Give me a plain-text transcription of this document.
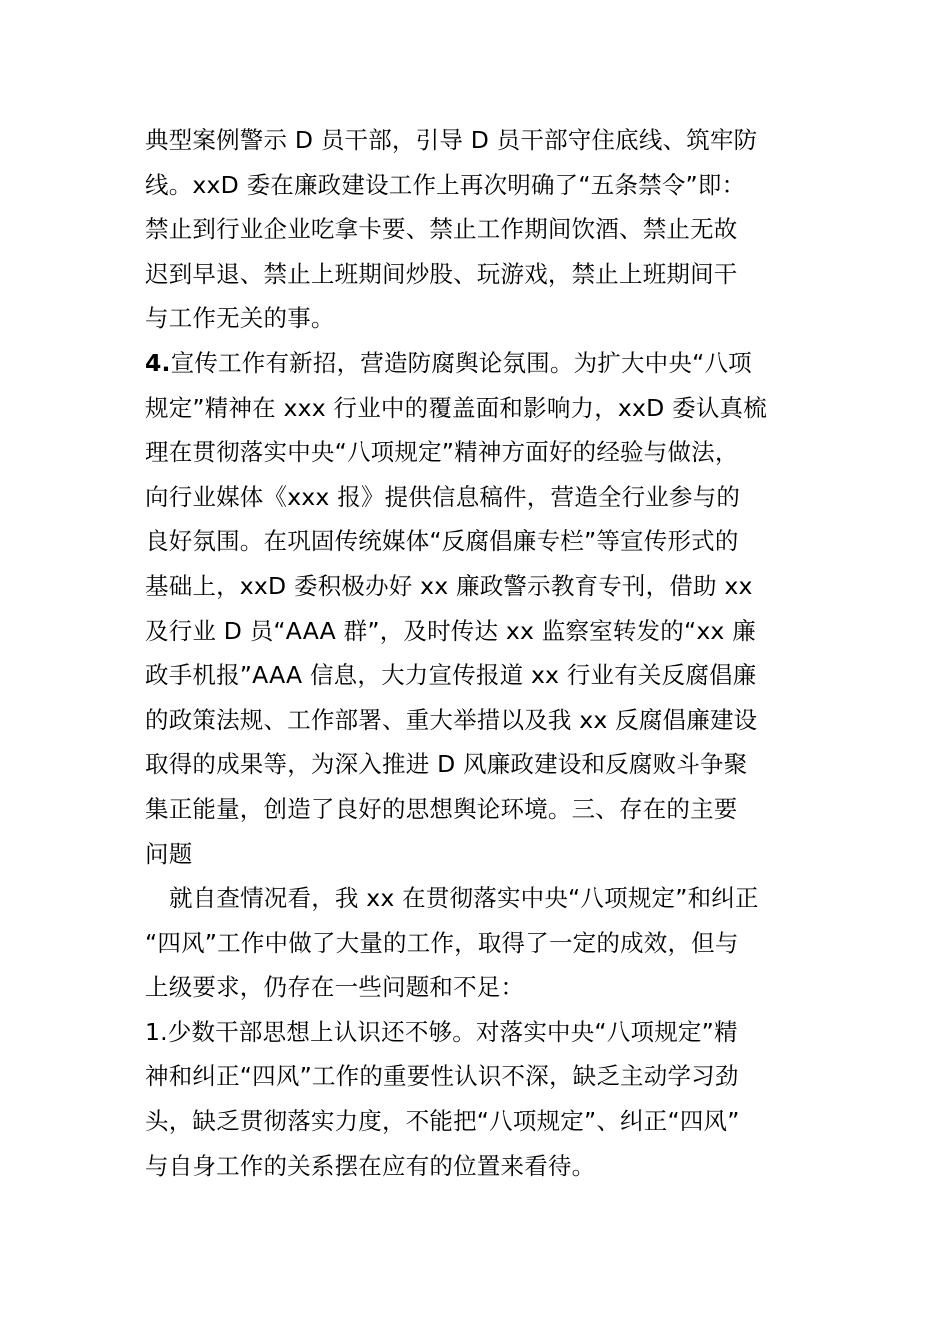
典型案例警示 D 员干部，引导 D 员干部守住底线、筑牢防
线。xxD 委在廉政建设工作上再次明确了“五条禁令”即：
禁止到行业企业吃拿卡要、禁止工作期间饮酒、禁止无故
迟到早退、禁止上班期间炒股、玩游戏，禁止上班期间干
与工作无关的事。
4.宣传工作有新招，营造防腐舆论氛围。为扩大中央“八项
规定”精神在 xxx 行业中的覆盖面和影响力，xxD 委认真梳
理在贯彻落实中央“八项规定”精神方面好的经验与做法，
向行业媒体《xxx 报》提供信息稿件，营造全行业参与的
良好氛围。在巩固传统媒体“反腐倡廉专栏”等宣传形式的
基础上，xxD 委积极办好 xx 廉政警示教育专刊，借助 xx
及行业 D 员“AAA 群”，及时传达 xx 监察室转发的“xx 廉
政手机报”AAA 信息，大力宣传报道 xx 行业有关反腐倡廉
的政策法规、工作部署、重大举措以及我 xx 反腐倡廉建设
取得的成果等，为深入推进 D 风廉政建设和反腐败斗争聚
集正能量，创造了良好的思想舆论环境。三、存在的主要
问题
就自查情况看，我 xx 在贯彻落实中央“八项规定”和纠正
“四风”工作中做了大量的工作，取得了一定的成效，但与
上级要求，仍存在一些问题和不足：
1.少数干部思想上认识还不够。对落实中央“八项规定”精
神和纠正“四风”工作的重要性认识不深，缺乏主动学习劲
头，缺乏贯彻落实力度，不能把“八项规定”、纠正“四风”
与自身工作的关系摆在应有的位置来看待。
